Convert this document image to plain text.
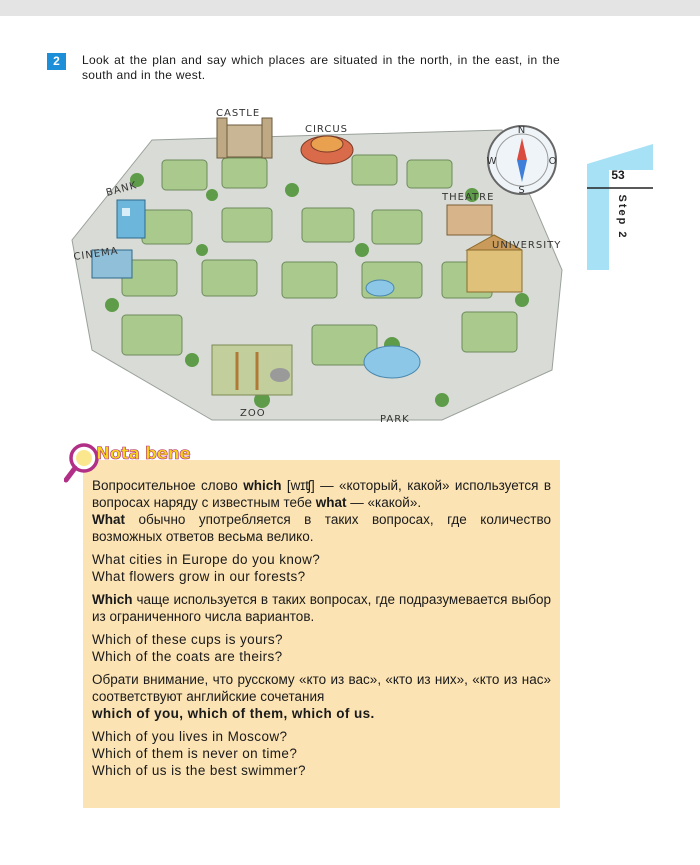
2	Look at the plan and say which places are situated in the north, in the east, in the south and in the west.
53
Step 2
N
S
W	O
CASTLE
CIRCUS
BANK	THEATRE
UNIVERSITY
CINEMA
ZOO
PARK
Nota bene

Вопросительное слово which [wɪʧ] — «который, какой» используется в вопросах наряду с известным тебе what — «какой».

What обычно употребляется в таких вопросах, где количество возможных ответов весьма велико.

What cities in Europe do you know?

What flowers grow in our forests?

Which чаще используется в таких вопросах, где подразумевается выбор из ограниченного числа вариантов.

Which of these cups is yours?

Which of the coats are theirs?

Обрати внимание, что русскому «кто из вас», «кто из них», «кто из нас» соответствуют английские сочетания

which of you, which of them, which of us.

Which of you lives in Moscow?

Which of them is never on time?

Which of us is the best swimmer?
